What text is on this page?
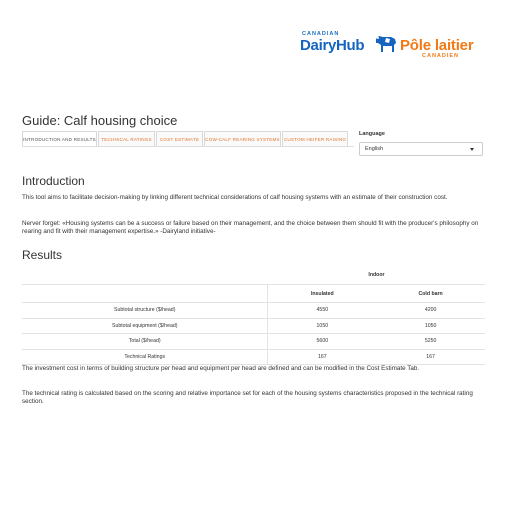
CANADIAN
DairyHub Pôle laitier
CANADIEN
Guide: Calf housing choice
INTRODUCTION AND RESULTS	TECHNICAL RATINGS	COST ESTIMATE	COW-CALF REARING SYSTEMS CUSTOM HEIFER RAISING
Language
English
Introduction

This tool aims to facilitate decision-making by linking different technical considerations of calf housing systems with an estimate of their construction cost.

Nerver forget: «Housing systems can be a success or failure based on their management, and the choice between them should fit with the producer's philosophy on rearing and fit with their management expertise.» -Dairyland initiative-

Results
	Indoor	
	Insulated	Cold barn
Subtotal structure ($/head)	4550	4200
Subtotal equipment ($/head)	1050	1050
Total ($/head)	5600	5250
Technical Ratings	167	167

The investment cost in terms of building structure per head and equipment per head are defined and can be modified in the Cost Estimate Tab.

The technical rating is calculated based on the scoring and relative importance set for each of the housing systems characteristics proposed in the technical rating section.
